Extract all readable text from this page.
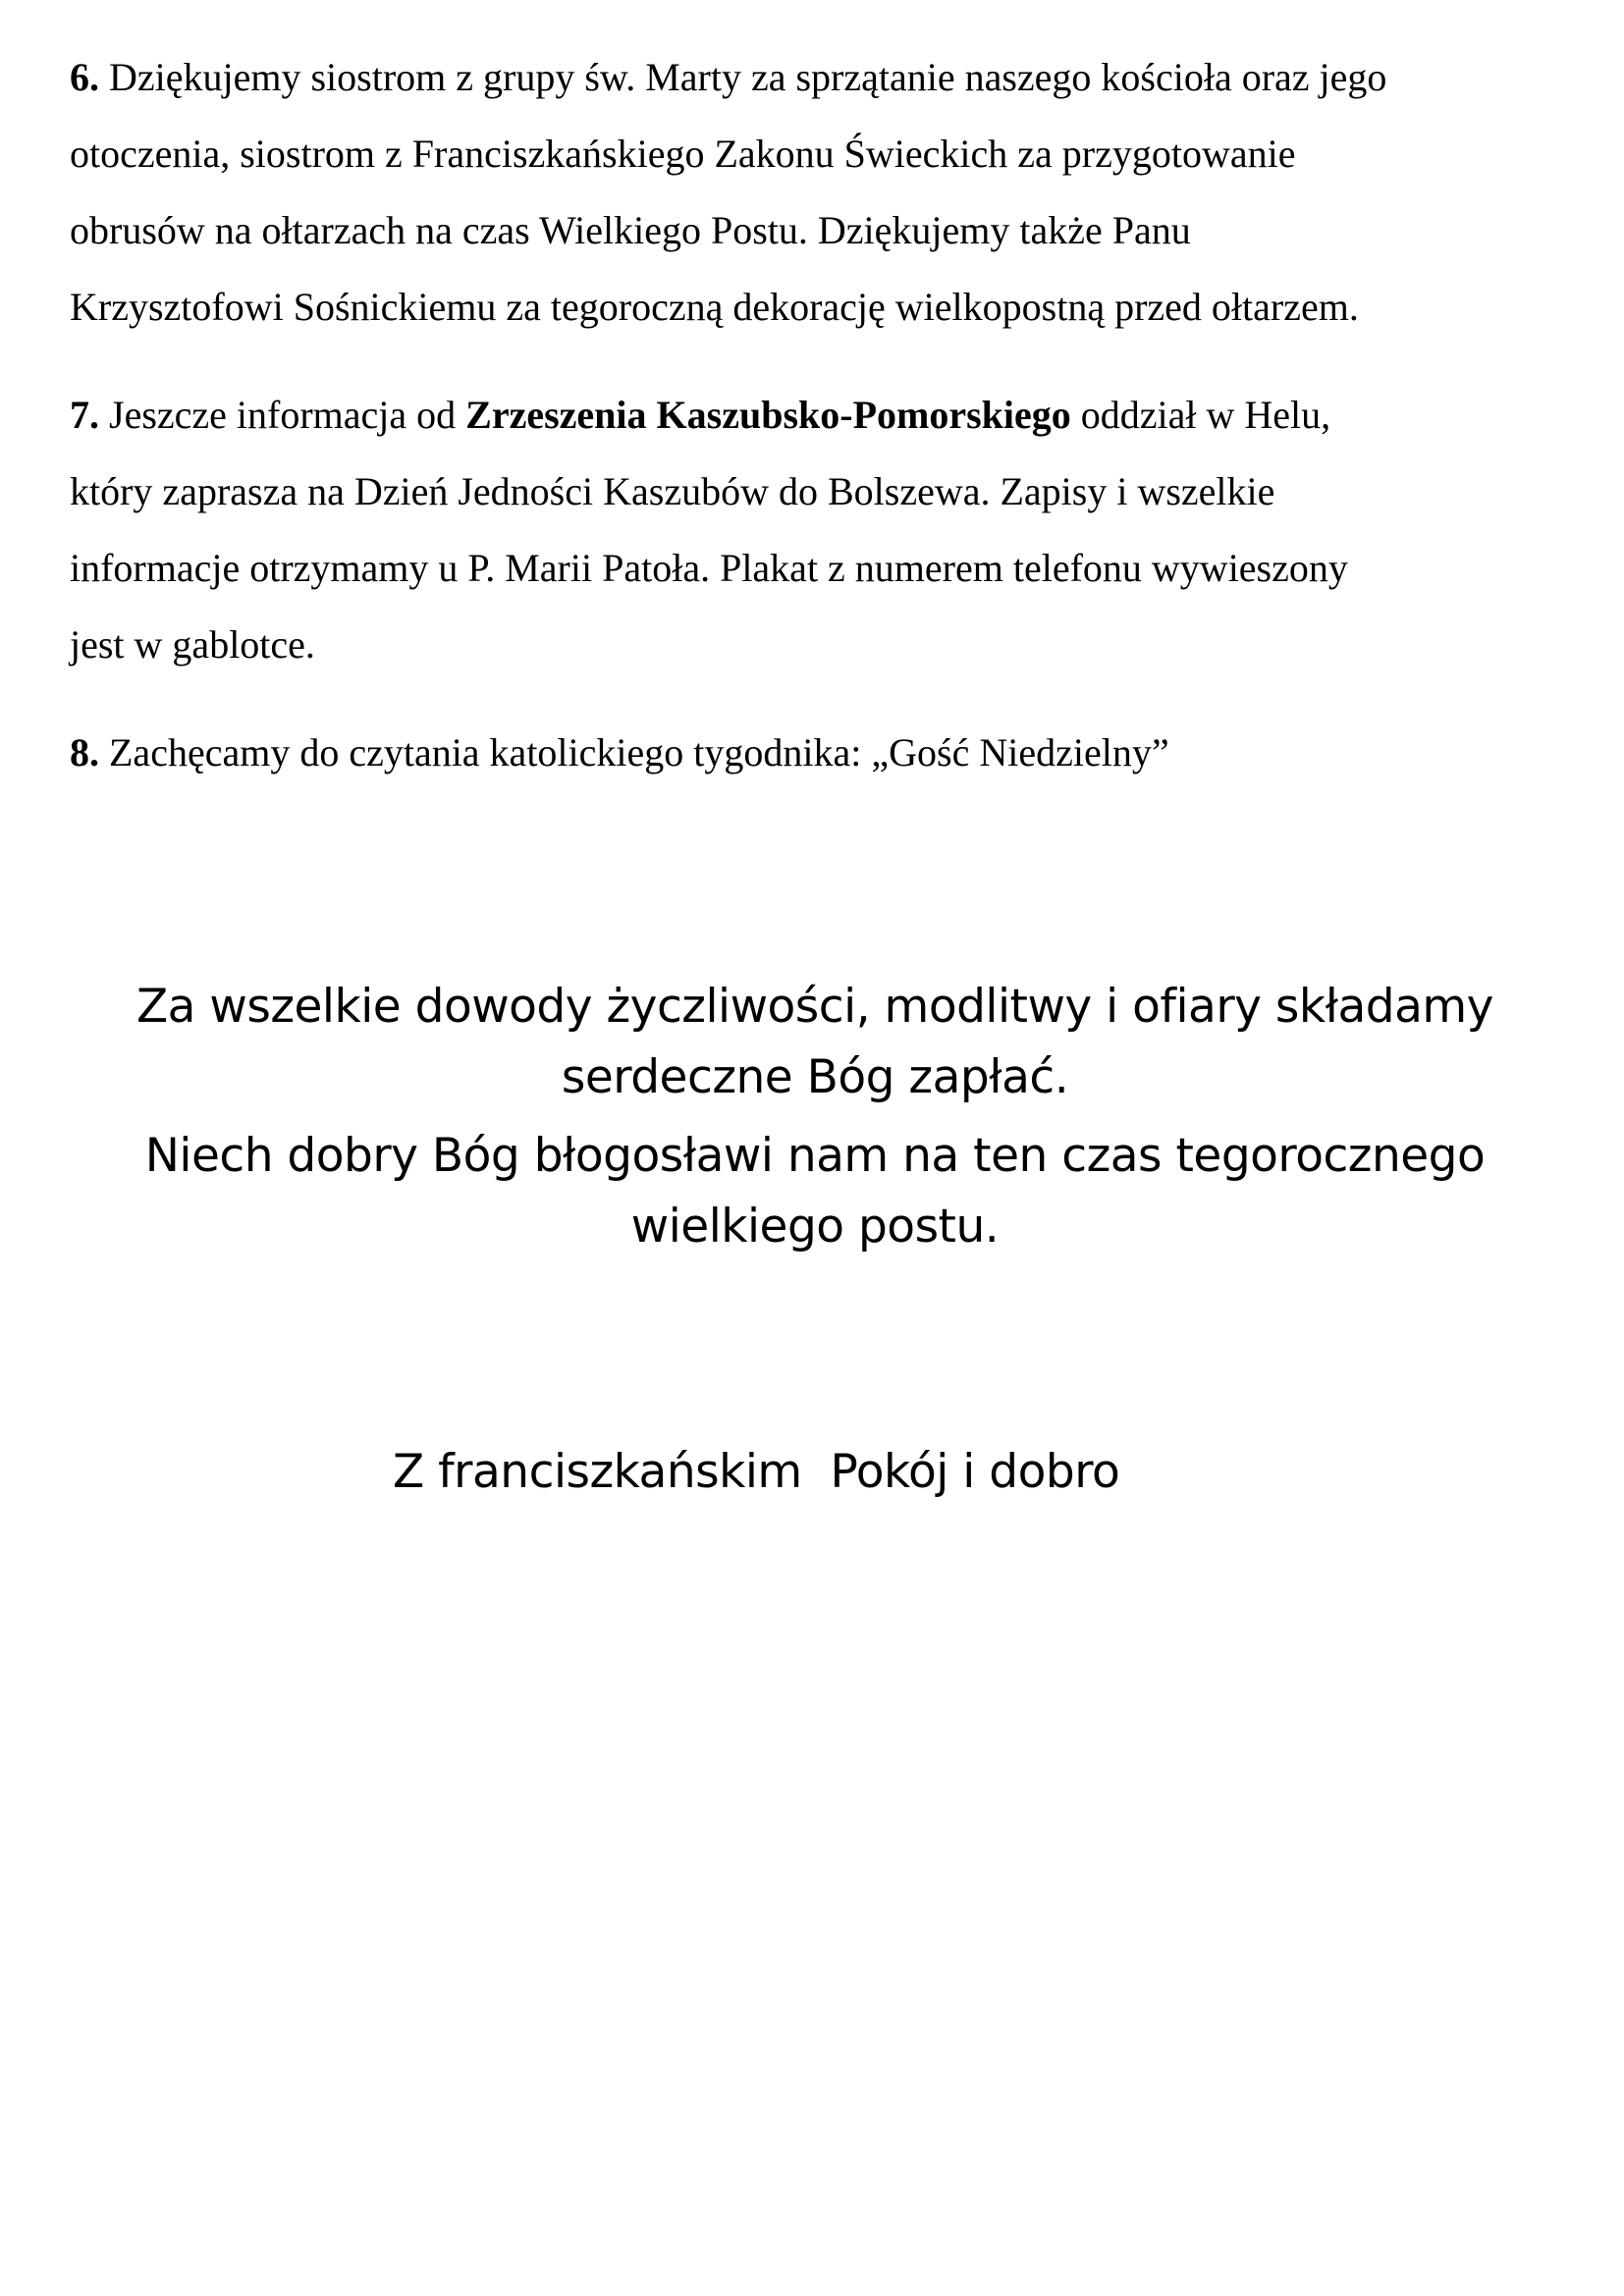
6. Dziękujemy siostrom z grupy św. Marty za sprzątanie naszego kościoła oraz jego
otoczenia, siostrom z Franciszkańskiego Zakonu Świeckich za przygotowanie
obrusów na ołtarzach na czas Wielkiego Postu. Dziękujemy także Panu
Krzysztofowi Sośnickiemu za tegoroczną dekorację wielkopostną przed ołtarzem.
7. Jeszcze informacja od Zrzeszenia Kaszubsko-Pomorskiego oddział w Helu,
który zaprasza na Dzień Jedności Kaszubów do Bolszewa. Zapisy i wszelkie
informacje otrzymamy u P. Marii Patoła. Plakat z numerem telefonu wywieszony
jest w gablotce.
8. Zachęcamy do czytania katolickiego tygodnika: „Gość Niedzielny”
Za wszelkie dowody życzliwości, modlitwy i ofiary składamy
serdeczne Bóg zapłać.
Niech dobry Bóg błogosławi nam na ten czas tegorocznego
wielkiego postu.
Z franciszkańskim  Pokój i dobro
